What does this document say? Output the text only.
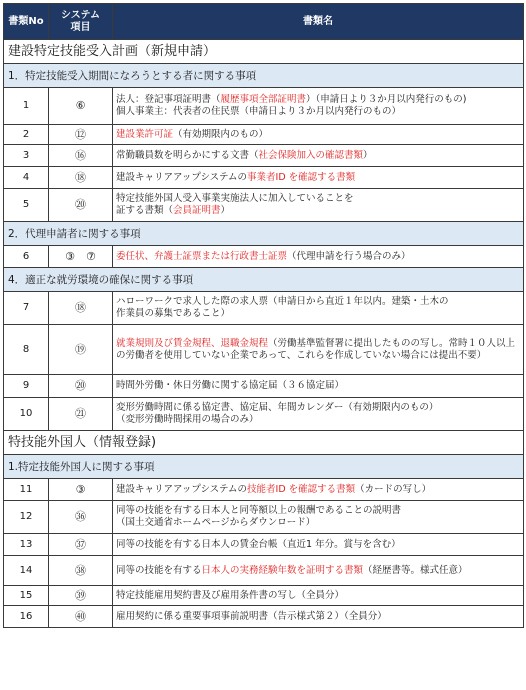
書類No	システム
項目	書類名
建設特定技能受入計画（新規申請）		
1．特定技能受入期間になろうとする者に関する事項		
1	⑥	法人：登記事項証明書（履歴事項全部証明書）（申請日より３か月以内発行のもの)
個人事業主：代表者の住民票（申請日より３か月以内発行のもの）

2	⑫	建設業許可証（有効期限内のもの）
3	⑯	常勤職員数を明らかにする文書（社会保険加入の確認書類）
4	⑱	建設キャリアアップシステムの事業者ID を確認する書類
5	⑳	特定技能外国人受入事業実施法人に加入していることを
証する書類（会員証明書）
2．代理申請者に関する事項		
6	③　⑦	委任状、弁護士証票または行政書士証票（代理申請を行う場合のみ）
4．適正な就労環境の確保に関する事項		
7	⑱	ハローワークで求人した際の求人票（申請日から直近１年以内。建築・土木の
作業員の募集であること）

8	⑲	就業規則及び賃金規程、退職金規程（労働基準監督署に提出したものの写し。常時１０人以上の労働者を使用していない企業であって、これらを作成していない場合には提出不要）
9	⑳	時間外労働・休日労働に関する協定届（３６協定届）
10	㉑	変形労働時間に係る協定書、協定届、年間カレンダー（有効期限内のもの）
（変形労働時間採用の場合のみ）

特技能外国人（情報登録)		
1.特定技能外国人に関する事項		
11	③	建設キャリアアップシステムの技能者ID を確認する書類（カードの写し）
12	㊱	同等の技能を有する日本人と同等額以上の報酬であることの説明書
（国土交通省ホームページからダウンロード）

13	㊲	同等の技能を有する日本人の賃金台帳（直近1 年分。賞与を含む）
14	㊳	同等の技能を有する日本人の実務経験年数を証明する書類（経歴書等。様式任意）
15	㊴	特定技能雇用契約書及び雇用条件書の写し（全員分）
16	㊵	雇用契約に係る重要事項事前説明書（告示様式第２）（全員分）
